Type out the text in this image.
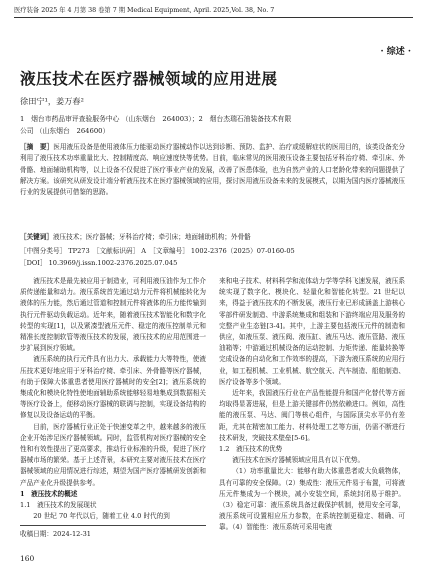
医疗装备 2025 年 4 月第 38 卷第 7 期 Medical Equipment, April. 2025,Vol. 38, No. 7
· 综述 ·
液压技术在医疗器械领域的应用进展
徐田宁¹，姜万春²
1　烟台市药品审评查验服务中心 （山东烟台　264003）；2　烟台杰瑞石油装备技术有限
公司 （山东烟台　264600）
［摘　要］医用液压设备是使用液体压力能驱动医疗器械动作以达到诊断、预防、监护、治疗或缓解症状的医用目的，该类设备充分利用了液压技术功率重量比大、控制精度高、响应速度快等优势。目前，临床常见的医用液压设备主要包括牙科治疗椅、牵引床、外骨骼、地面辅助机构等，以上设备不仅促进了医疗事业产业的发展，改善了医患体验，也为自然产业的人口老龄化带来的问题提供了解决方案。该研究从研发设计端分析液压技术在医疗器械领域的应用，探讨医用液压设备未来的发展模式，以期为国内医疗器械液压行业的发展提供可借鉴的思路。
［关键词］液压技术；医疗器械；牙科治疗椅；牵引床；地面辅助机构；外骨骼
［中图分类号］ TP273　［文献标识码］ A　［文章编号］ 1002-2376（2025）07-0160-05
［DOI］ 10.3969/j.issn.1002-2376.2025.07.045

液压技术是最先被应用于制造业，可利用液压油作为工作介质传递能量和动力。液压系统首先通过动力元件将机械能转化为液体的压力能，然后通过管道和控制元件将液体的压力能传输到执行元件驱动负载运动。近年来，随着液压技术智能化和数字化转型的实现[1]，以及紧凑型液压元件、稳定的液压控制单元和精准长度控制软管等液压技术的发展，液压技术的应用范围进一步扩展到医疗领域。

液压系统的执行元件具有出力大、承载能力大等特性，使液压技术更好地应用于牙科治疗椅、牵引床、外骨骼等医疗器械，有助于保障大体重患者使用医疗器械时的安全[2]；液压系统的集成化和模块化特性使地面辅助系统能够轻易地集成到数据相关等医疗设备上，便移动医疗器械的联调与控制，实现设备结构的修复以及设备运动的平衡。

目前，医疗器械行业正处于快速变革之中，越来越多的液压企业开始涉足医疗器械领域。同时，监管机构对医疗器械的安全性和有效性提出了更高要求，推动行业标准的升级，促进了医疗器械市场的繁荣。基于上述背景，本研究主要对液压技术在医疗器械领域的应用情况进行综述，期望为国产医疗器械研发创新和产品产业化升级提供参考。

1　液压技术的概述

1.1　液压技术的发展现状

20 世纪 70 年代以后，随着工业 4.0 时代的到

来和电子技术、材料科学和流体动力学等学科飞速发展，液压系统实现了数字化、模块化、轻量化和智能化转型。21 世纪以来，得益于液压技术的不断发展，液压行业已形成涵盖上游核心零部件研发制造、中游系统集成和组装和下游终端应用及服务的完整产业生态链[3-4]。其中，上游主要包括液压元件的制造和供应，如液压泵、液压阀、液压缸、液压马达、液压管路、液压油箱等；中游通过机械设备的运动控制、力矩传递、能量转换等完成设备的自动化和工作效率的提高，下游为液压系统的应用行业，如工程机械、工业机械、航空航天、汽车制造、船舶制造、医疗设备等多个领域。

近年来，我国液压行业在产品性能提升和国产化替代等方面均取得显著进展，但是上游关键部件仍然依赖进口。例如，高性能的液压泵、马达、阀门等核心组件，与国际顶尖水平仍有差距，尤其在精密加工能力、材料处理工艺等方面，仍需不断进行技术研发，突破技术壁垒[5-6]。

1.2　液压技术的优势

液压技术在医疗器械领域应用具有以下优势。

（1）功率重量比大：能够有助大体重患者或大负载物体，具有可靠的安全保障。（2）集成性：液压元件易于布置，可将液压元件集成为一个模块，减小安装空间，系统封闭易于维护。（3）稳定可靠：液压系统具备过载保护机制，使用安全可靠，液压系统可设置相应压力参数，在系统控制更稳定、精确、可靠。（4）智能性：液压系统可采用电液

收稿日期：2024-12-31
160
